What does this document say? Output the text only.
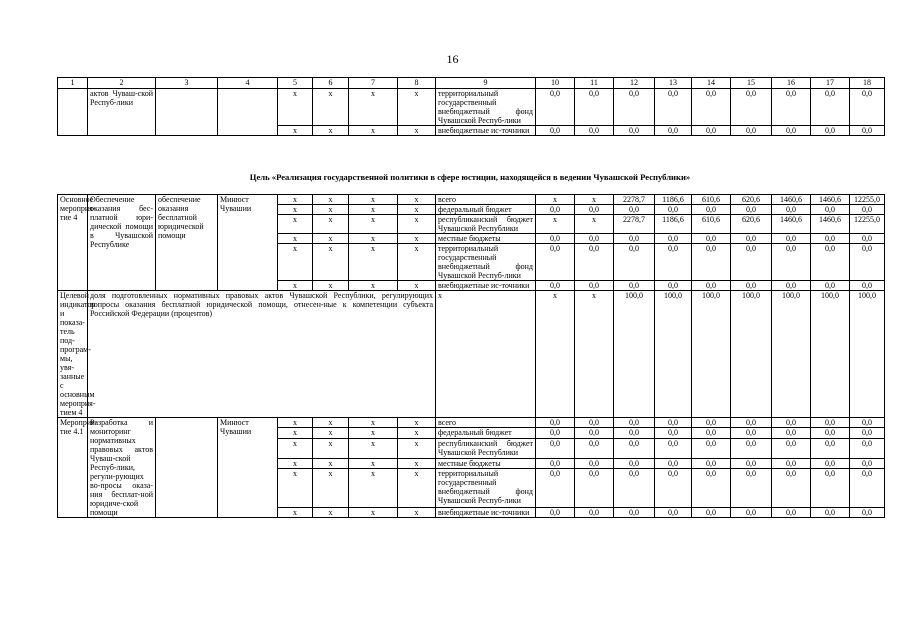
16
1	2	3	4	5	6	7	8	9	10	11	12	13	14	15	16	17	18
	актов Чуваш-ской Респуб-лики			x	x	x	x	территориальный государственный внебюджетный фонд Чувашской Респуб-лики	0,0	0,0	0,0	0,0	0,0	0,0	0,0	0,0	0,0
				x	x	x	x	внебюджетные ис-точники	0,0	0,0	0,0	0,0	0,0	0,0	0,0	0,0	0,0
Цель «Реализация государственной политики в сфере юстиции, находящейся в ведении Чувашской Республики»
Основное мероприя-тие 4	Обеспечение оказания бес-платной юри-дической помощи в Чувашской Республике	обеспечение оказания бесплатной юридической помощи	Минюст Чувашии	x	x	x	x	всего	x	x	2278,7	1186,6	610,6	620,6	1460,6	1460,6	12255,0
				x	x	x	x	федеральный бюджет	0,0	0,0	0,0	0,0	0,0	0,0	0,0	0,0	0,0
				x	x	x	x	республиканский бюджет Чувашской Республики	x	x	2278,7	1186,6	610,6	620,6	1460,6	1460,6	12255,0
				x	x	x	x	местные бюджеты	0,0	0,0	0,0	0,0	0,0	0,0	0,0	0,0	0,0
				x	x	x	x	территориальный государственный внебюджетный фонд Чувашской Респуб-лики	0,0	0,0	0,0	0,0	0,0	0,0	0,0	0,0	0,0
				x	x	x	x	внебюджетные ис-точники	0,0	0,0	0,0	0,0	0,0	0,0	0,0	0,0	0,0
Целевой индикатор и показа-тель под-програм-мы, увя-занные с основным мероприя-тием 4	доля подготовленных нормативных правовых актов Чувашской Республики, регулирующих вопросы оказания бесплатной юридической помощи, отнесен-ные к компетенции субъекта Российской Федерации (процентов)							x	x	x	100,0	100,0	100,0	100,0	100,0	100,0	100,0
Мероприя-тие 4.1	Разработка и мониторинг нормативных правовых актов Чуваш-ской Респуб-лики, регули-рующих во-просы оказа-ния бесплат-ной юридиче-ской помощи		Минюст Чувашии	x	x	x	x	всего	0,0	0,0	0,0	0,0	0,0	0,0	0,0	0,0	0,0
				x	x	x	x	федеральный бюджет	0,0	0,0	0,0	0,0	0,0	0,0	0,0	0,0	0,0
				x	x	x	x	республиканский бюджет Чувашской Республики	0,0	0,0	0,0	0,0	0,0	0,0	0,0	0,0	0,0
				x	x	x	x	местные бюджеты	0,0	0,0	0,0	0,0	0,0	0,0	0,0	0,0	0,0
				x	x	x	x	территориальный государственный внебюджетный фонд Чувашской Респуб-лики	0,0	0,0	0,0	0,0	0,0	0,0	0,0	0,0	0,0
				x	x	x	x	внебюджетные ис-точники	0,0	0,0	0,0	0,0	0,0	0,0	0,0	0,0	0,0
